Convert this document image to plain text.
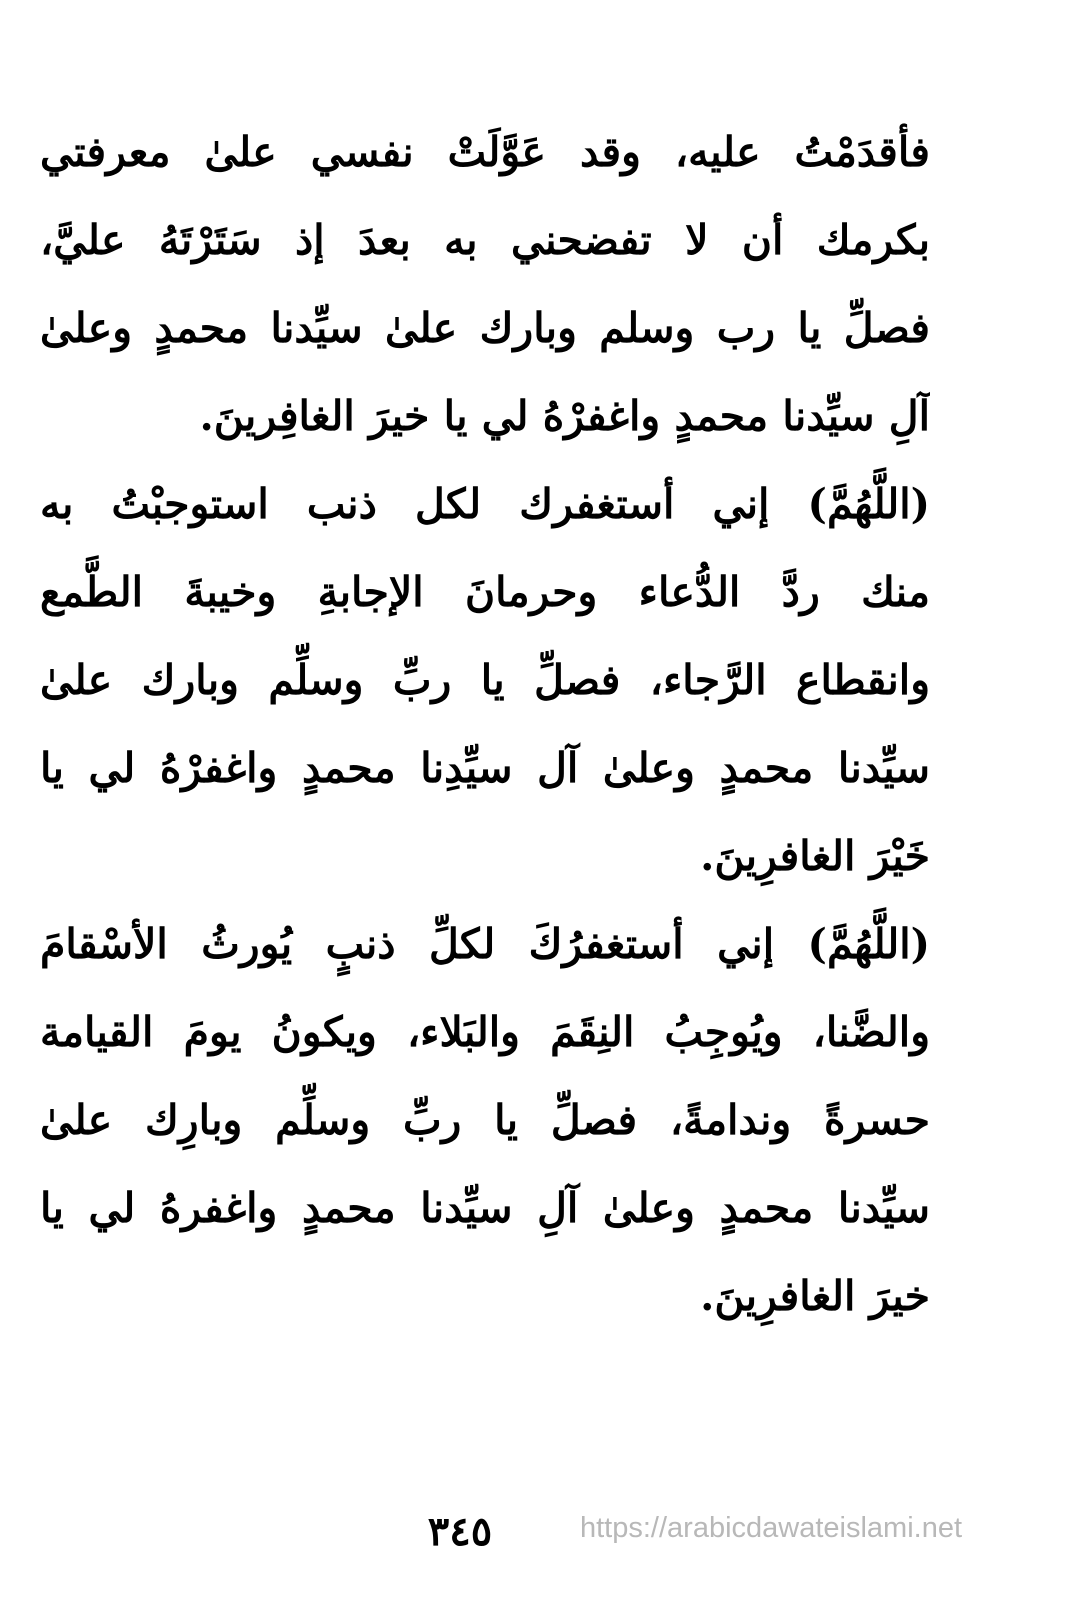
فأقدَمْتُ عليه، وقد عَوَّلَتْ نفسي علىٰ معرفتي
بكرمك أن لا تفضحني به بعدَ إذ سَتَرْتَهُ عليَّ،
فصلِّ يا رب وسلم وبارك علىٰ سيِّدنا محمدٍ وعلىٰ
آلِ سيِّدنا محمدٍ واغفرْهُ لي يا خيرَ الغافِرينَ.
(اللَّهُمَّ) إني أستغفرك لكل ذنب استوجبْتُ به
منك ردَّ الدُّعاء وحرمانَ الإجابةِ وخيبةَ الطَّمع
وانقطاع الرَّجاء، فصلِّ يا ربِّ وسلِّم وبارك علىٰ
سيِّدنا محمدٍ وعلىٰ آل سيِّدِنا محمدٍ واغفرْهُ لي يا
خَيْرَ الغافرِينَ.
(اللَّهُمَّ) إني أستغفرُكَ لكلِّ ذنبٍ يُورثُ الأسْقامَ
والضَّنا، ويُوجِبُ النِقَمَ والبَلاء، ويكونُ يومَ القيامة
حسرةً وندامةً، فصلِّ يا ربِّ وسلِّم وبارِك علىٰ
سيِّدنا محمدٍ وعلىٰ آلِ سيِّدنا محمدٍ واغفرهُ لي يا
خيرَ الغافرِينَ.
٣٤٥	https://arabicdawateislami.net
